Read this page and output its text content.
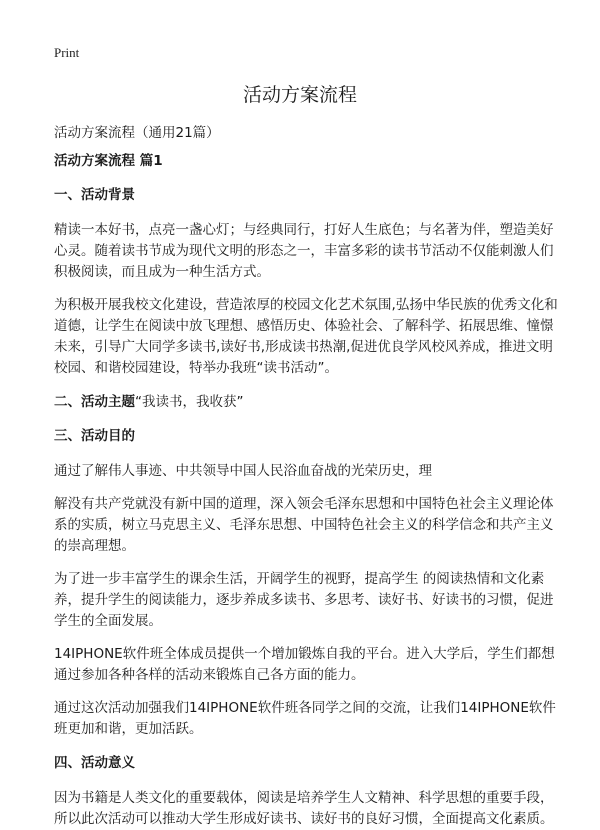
Print
活动方案流程
活动方案流程（通用21篇）
活动方案流程 篇1
一、活动背景

精读一本好书，点亮一盏心灯；与经典同行，打好人生底色；与名著为伴，塑造美好心灵。随着读书节成为现代文明的形态之一，丰富多彩的读书节活动不仅能刺激人们积极阅读，而且成为一种生活方式。

为积极开展我校文化建设，营造浓厚的校园文化艺术氛围,弘扬中华民族的优秀文化和道德，让学生在阅读中放飞理想、感悟历史、体验社会、了解科学、拓展思维、憧憬未来，引导广大同学多读书,读好书,形成读书热潮,促进优良学风校风养成，推进文明校园、和谐校园建设，特举办我班“读书活动”。

二、活动主题“我读书，我收获”
三、活动目的

通过了解伟人事迹、中共领导中国人民浴血奋战的光荣历史，理

解没有共产党就没有新中国的道理，深入领会毛泽东思想和中国特色社会主义理论体系的实质，树立马克思主义、毛泽东思想、中国特色社会主义的科学信念和共产主义的崇高理想。

为了进一步丰富学生的课余生活，开阔学生的视野，提高学生 的阅读热情和文化素养，提升学生的阅读能力，逐步养成多读书、多思考、读好书、好读书的习惯，促进学生的全面发展。

14IPHONE软件班全体成员提供一个增加锻炼自我的平台。进入大学后，学生们都想通过参加各种各样的活动来锻炼自己各方面的能力。

通过这次活动加强我们14IPHONE软件班各同学之间的交流，让我们14IPHONE软件班更加和谐，更加活跃。

四、活动意义

因为书籍是人类文化的重要载体，阅读是培养学生人文精神、科学思想的重要手段，所以此次活动可以推动大学生形成好读书、读好书的良好习惯，全面提高文化素质。
